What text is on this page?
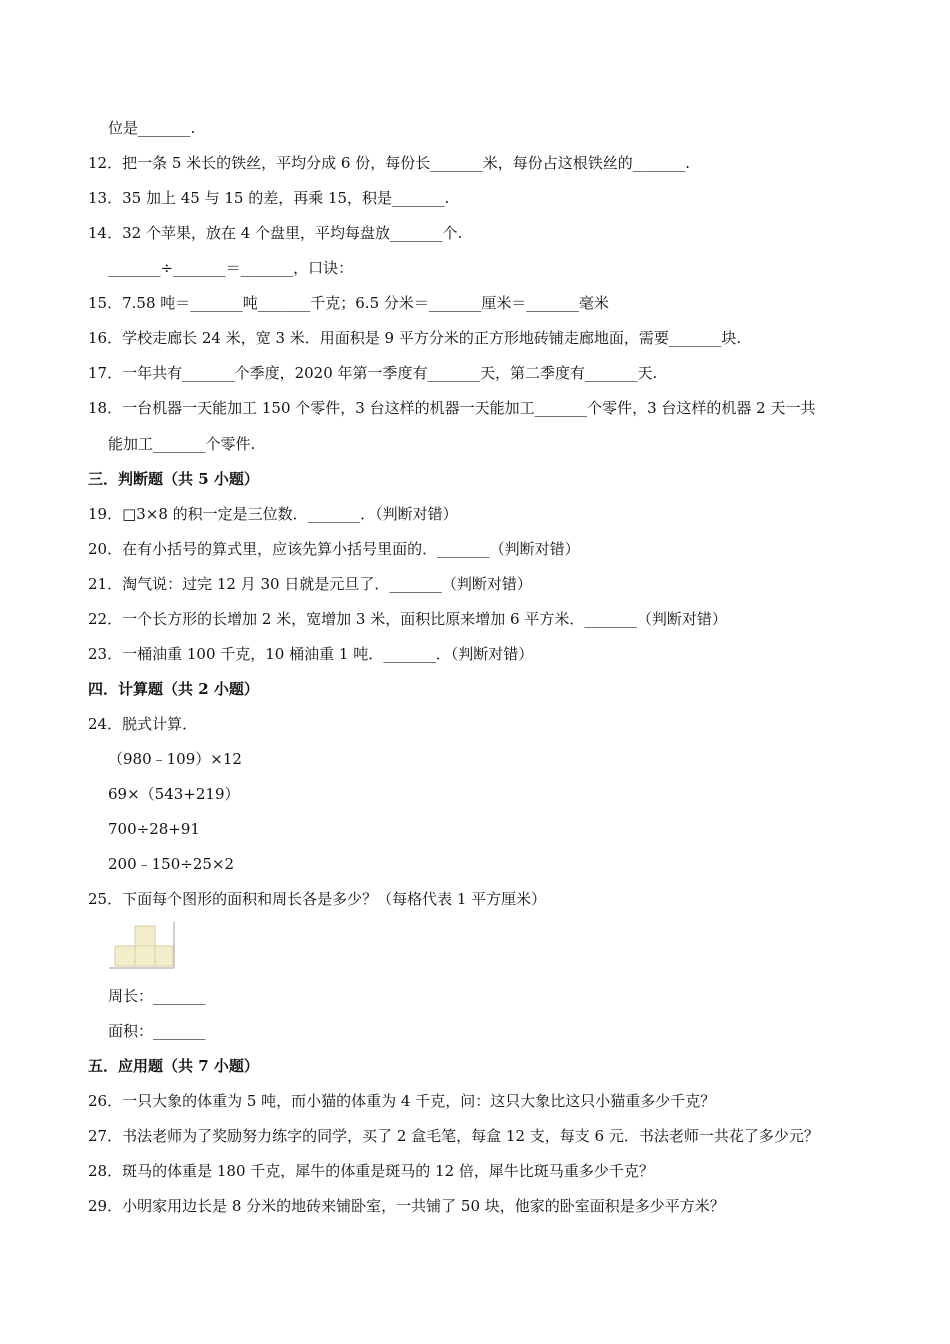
位是_______.
12．把一条 5 米长的铁丝，平均分成 6 份，每份长_______米，每份占这根铁丝的_______.
13．35 加上 45 与 15 的差，再乘 15，积是_______.
14．32 个苹果，放在 4 个盘里，平均每盘放_______个.
_______÷_______＝_______，口诀：
15．7.58 吨＝_______吨_______千克；6.5 分米＝_______厘米＝_______毫米
16．学校走廊长 24 米，宽 3 米．用面积是 9 平方分米的正方形地砖铺走廊地面，需要_______块.
17．一年共有_______个季度，2020 年第一季度有_______天，第二季度有_______天.
18．一台机器一天能加工 150 个零件，3 台这样的机器一天能加工_______个零件，3 台这样的机器 2 天一共
能加工_______个零件.
三．判断题（共 5 小题）
19．□3×8 的积一定是三位数．_______．（判断对错）
20．在有小括号的算式里，应该先算小括号里面的．_______（判断对错）
21．淘气说：过完 12 月 30 日就是元旦了．_______（判断对错）
22．一个长方形的长增加 2 米，宽增加 3 米，面积比原来增加 6 平方米．_______（判断对错）
23．一桶油重 100 千克，10 桶油重 1 吨．_______．（判断对错）
四．计算题（共 2 小题）
24．脱式计算．
（980﹣109）×12
69×（543+219）
700÷28+91
200﹣150÷25×2
25．下面每个图形的面积和周长各是多少？（每格代表 1 平方厘米）
周长：_______
面积：_______
五．应用题（共 7 小题）
26．一只大象的体重为 5 吨，而小猫的体重为 4 千克，问：这只大象比这只小猫重多少千克？
27．书法老师为了奖励努力练字的同学，买了 2 盒毛笔，每盒 12 支，每支 6 元．书法老师一共花了多少元？
28．斑马的体重是 180 千克，犀牛的体重是斑马的 12 倍，犀牛比斑马重多少千克？
29．小明家用边长是 8 分米的地砖来铺卧室，一共铺了 50 块，他家的卧室面积是多少平方米？
